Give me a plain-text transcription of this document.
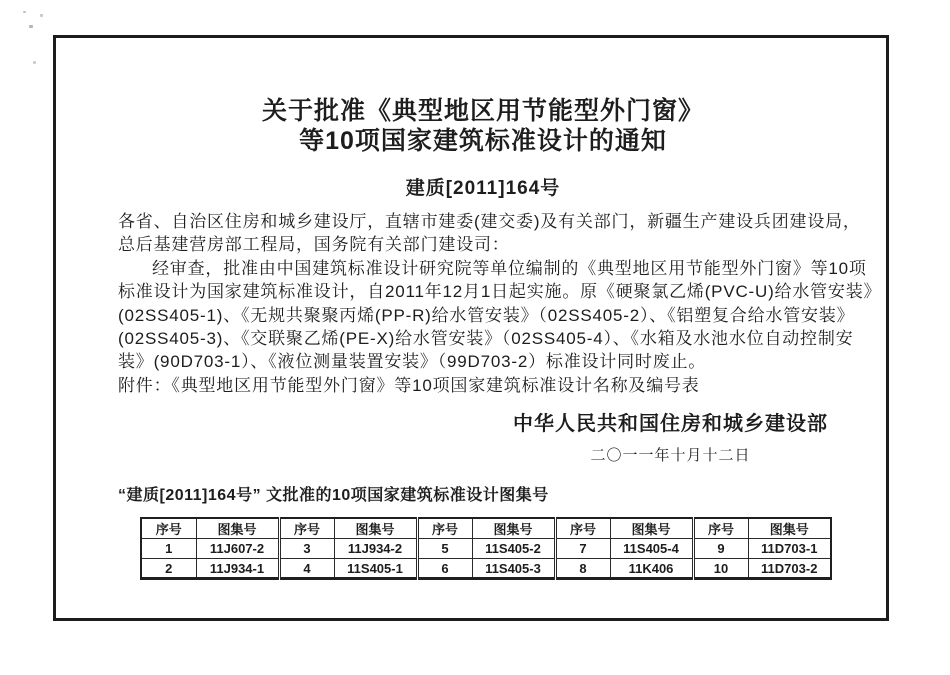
关于批准《典型地区用节能型外门窗》
等10项国家建筑标准设计的通知
建质[2011]164号
各省、自治区住房和城乡建设厅，直辖市建委(建交委)及有关部门，新疆生产建设兵团建设局，
总后基建营房部工程局，国务院有关部门建设司：
经审查，批准由中国建筑标准设计研究院等单位编制的《典型地区用节能型外门窗》等10项
标准设计为国家建筑标准设计，自2011年12月1日起实施。原《硬聚氯乙烯(PVC-U)给水管安装》
(02SS405-1)、《无规共聚聚丙烯(PP-R)给水管安装》（02SS405-2）、《铝塑复合给水管安装》
(02SS405-3)、《交联聚乙烯(PE-X)给水管安装》（02SS405-4）、《水箱及水池水位自动控制安
装》(90D703-1）、《液位测量装置安装》（99D703-2）标准设计同时废止。
附件：《典型地区用节能型外门窗》等10项国家建筑标准设计名称及编号表
中华人民共和国住房和城乡建设部
二〇一一年十月十二日
“建质[2011]164号” 文批准的10项国家建筑标准设计图集号
序号	图集号	序号	图集号	序号	图集号	序号	图集号	序号	图集号
1	11J607-2	3	11J934-2	5	11S405-2	7	11S405-4	9	11D703-1
2	11J934-1	4	11S405-1	6	11S405-3	8	11K406	10	11D703-2
